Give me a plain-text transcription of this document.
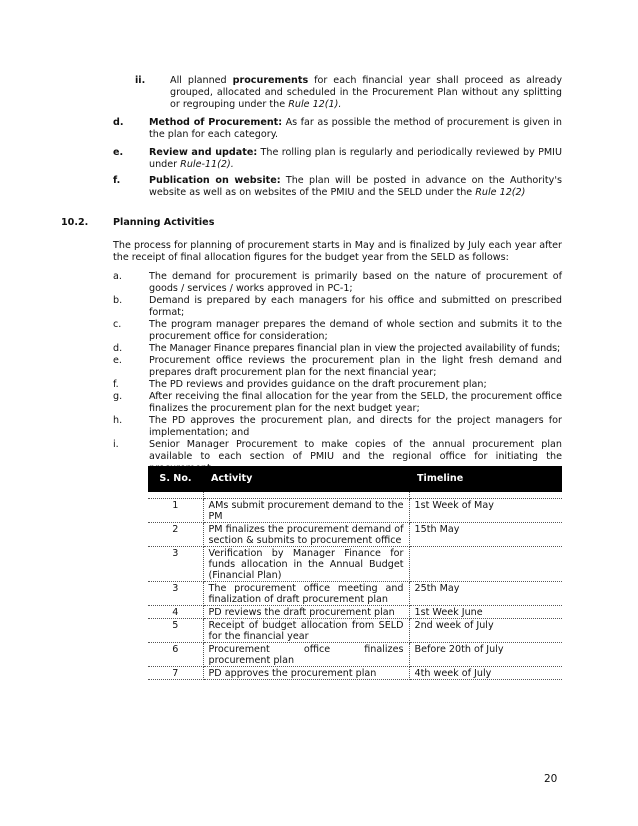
ii.	All planned procurements for each financial year shall proceed as already grouped, allocated and scheduled in the Procurement Plan without any splitting or regrouping under the Rule 12(1).
d.	Method of Procurement: As far as possible the method of procurement is given in the plan for each category.
e.	Review and update: The rolling plan is regularly and periodically reviewed by PMIU under Rule-11(2).
f.	Publication on website: The plan will be posted in advance on the Authority's website as well as on websites of the PMIU and the SELD under the Rule 12(2)
10.2.	Planning Activities
The process for planning of procurement starts in May and is finalized by July each year after the receipt of final allocation figures for the budget year from the SELD as follows:
a.	The demand for procurement is primarily based on the nature of procurement of goods / services / works approved in PC-1;
b.	Demand is prepared by each managers for his office and submitted on prescribed format;
c.	The program manager prepares the demand of whole section and submits it to the procurement office for consideration;
d.	The Manager Finance prepares financial plan in view the projected availability of funds;
e.	Procurement office reviews the procurement plan in the light fresh demand and prepares draft procurement plan for the next financial year;
f.	The PD reviews and provides guidance on the draft procurement plan;
g.	After receiving the final allocation for the year from the SELD, the procurement office finalizes the procurement plan for the next budget year;
h.	The PD approves the procurement plan, and directs for the project managers for implementation; and
i.	Senior Manager Procurement to make copies of the annual procurement plan available to each section of PMIU and the regional office for initiating the
S. No.	Activity	Timeline

1	AMs submit procurement demand to the PM	1st Week of May
2	PM finalizes the procurement demand of section & submits to procurement office	15th May
3	Verification by Manager Finance for funds allocation in the Annual Budget (Financial Plan)	
3	The procurement office meeting and finalization of draft procurement plan	25th May
4	PD reviews the draft procurement plan	1st Week June
5	Receipt of budget allocation from SELD for the financial year	2nd week of July
6	Procurement office finalizes procurement plan	Before 20th of July
7	PD approves the procurement plan	4th week of July
20
